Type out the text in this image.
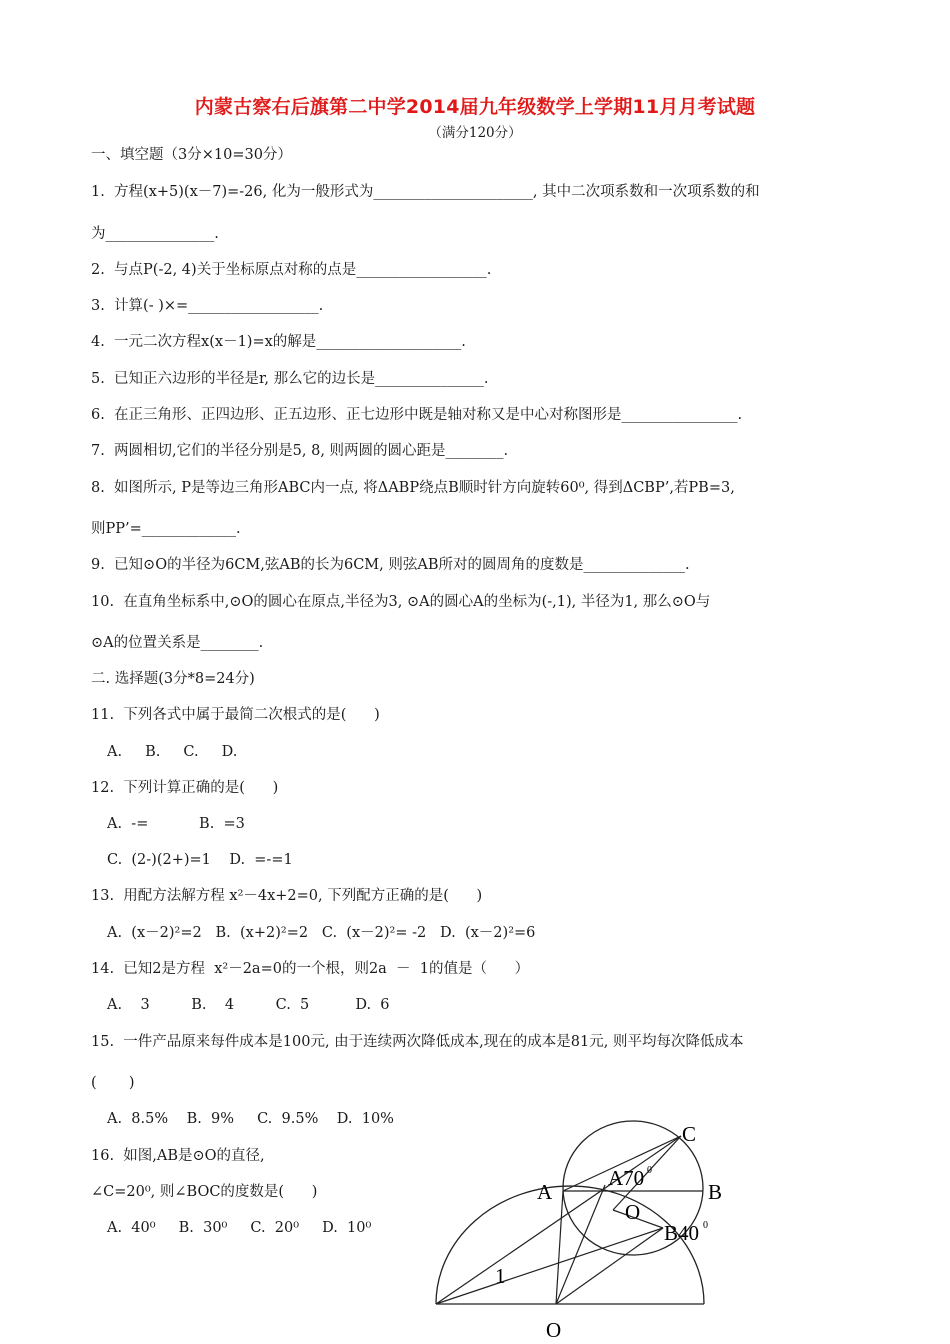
内蒙古察右后旗第二中学2014届九年级数学上学期11月月考试题
（满分120分）
一、填空题（3分×10=30分）
1.  方程(x+5)(x－7)=-26, 化为一般形式为______________________, 其中二次项系数和一次项系数的和
为_______________.
2.  与点P(-2, 4)关于坐标原点对称的点是__________________.
3.  计算(- )×=__________________.
4.  一元二次方程x(x－1)=x的解是____________________.
5.  已知正六边形的半径是r, 那么它的边长是_______________.
6.  在正三角形、正四边形、正五边形、正七边形中既是轴对称又是中心对称图形是________________.
7.  两圆相切,它们的半径分别是5, 8, 则两圆的圆心距是________.
8.  如图所示, P是等边三角形ABC内一点, 将ΔABP绕点B顺时针方向旋转60⁰, 得到ΔCBP’,若PB=3,
则PP’=_____________.
9.  已知⊙O的半径为6CM,弦AB的长为6CM, 则弦AB所对的圆周角的度数是______________.
10.  在直角坐标系中,⊙O的圆心在原点,半径为3, ⊙A的圆心A的坐标为(-,1), 半径为1, 那么⊙O与
⊙A的位置关系是________.
二. 选择题(3分*8=24分)
11.  下列各式中属于最简二次根式的是(      )
A.     B.     C.     D.
12.  下列计算正确的是(      )
A.  -=           B.  =3
C.  (2-)(2+)=1    D.  =-=1
13.  用配方法解方程 x²－4x+2=0, 下列配方正确的是(      )
A.  (x－2)²=2   B.  (x+2)²=2   C.  (x－2)²= -2   D.  (x－2)²=6
14.  已知2是方程  x²－2a=0的一个根，则2a  －  1的值是（      ）
A.    3         B.    4         C.  5          D.  6
15.  一件产品原来每件成本是100元, 由于连续两次降低成本,现在的成本是81元, 则平均每次降低成本
(       )
A.  8.5%    B.  9%     C.  9.5%    D.  10%
16.  如图,AB是⊙O的直径,
∠C=20⁰, 则∠BOC的度数是(      )
A.  40⁰     B.  30⁰     C.  20⁰     D.  10⁰
C
A
A70 0
B
O
B40 0
1
O
